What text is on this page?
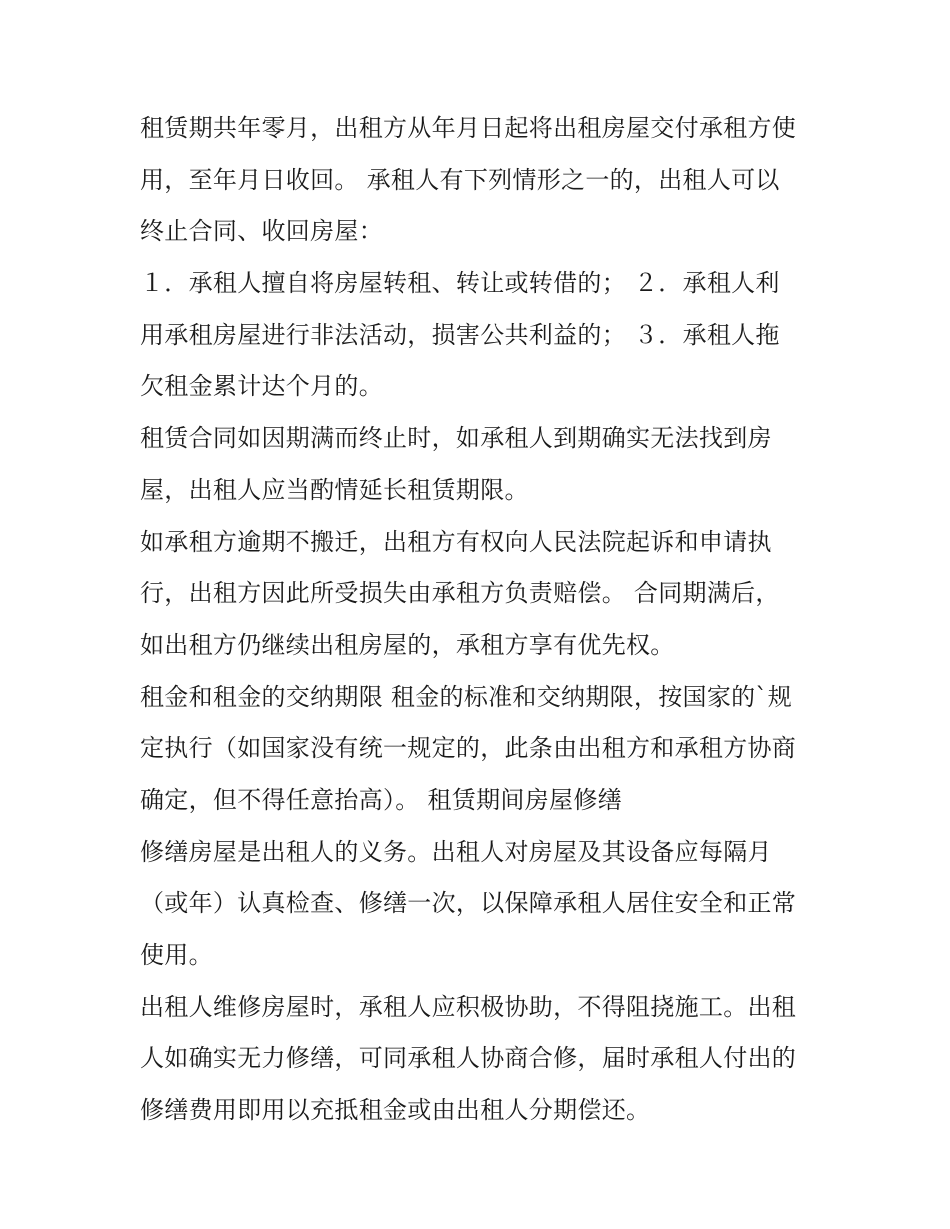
租赁期共年零月，出租方从年月日起将出租房屋交付承租方使
用，至年月日收回。 承租人有下列情形之一的，出租人可以
终止合同、收回房屋：
１．承租人擅自将房屋转租、转让或转借的； ２．承租人利
用承租房屋进行非法活动，损害公共利益的； ３．承租人拖
欠租金累计达个月的。
租赁合同如因期满而终止时，如承租人到期确实无法找到房
屋，出租人应当酌情延长租赁期限。
如承租方逾期不搬迁，出租方有权向人民法院起诉和申请执
行，出租方因此所受损失由承租方负责赔偿。 合同期满后，
如出租方仍继续出租房屋的，承租方享有优先权。
租金和租金的交纳期限 租金的标准和交纳期限，按国家的`规
定执行（如国家没有统一规定的，此条由出租方和承租方协商
确定，但不得任意抬高）。 租赁期间房屋修缮
修缮房屋是出租人的义务。出租人对房屋及其设备应每隔月
（或年）认真检查、修缮一次，以保障承租人居住安全和正常
使用。
出租人维修房屋时，承租人应积极协助，不得阻挠施工。出租
人如确实无力修缮，可同承租人协商合修，届时承租人付出的
修缮费用即用以充抵租金或由出租人分期偿还。
